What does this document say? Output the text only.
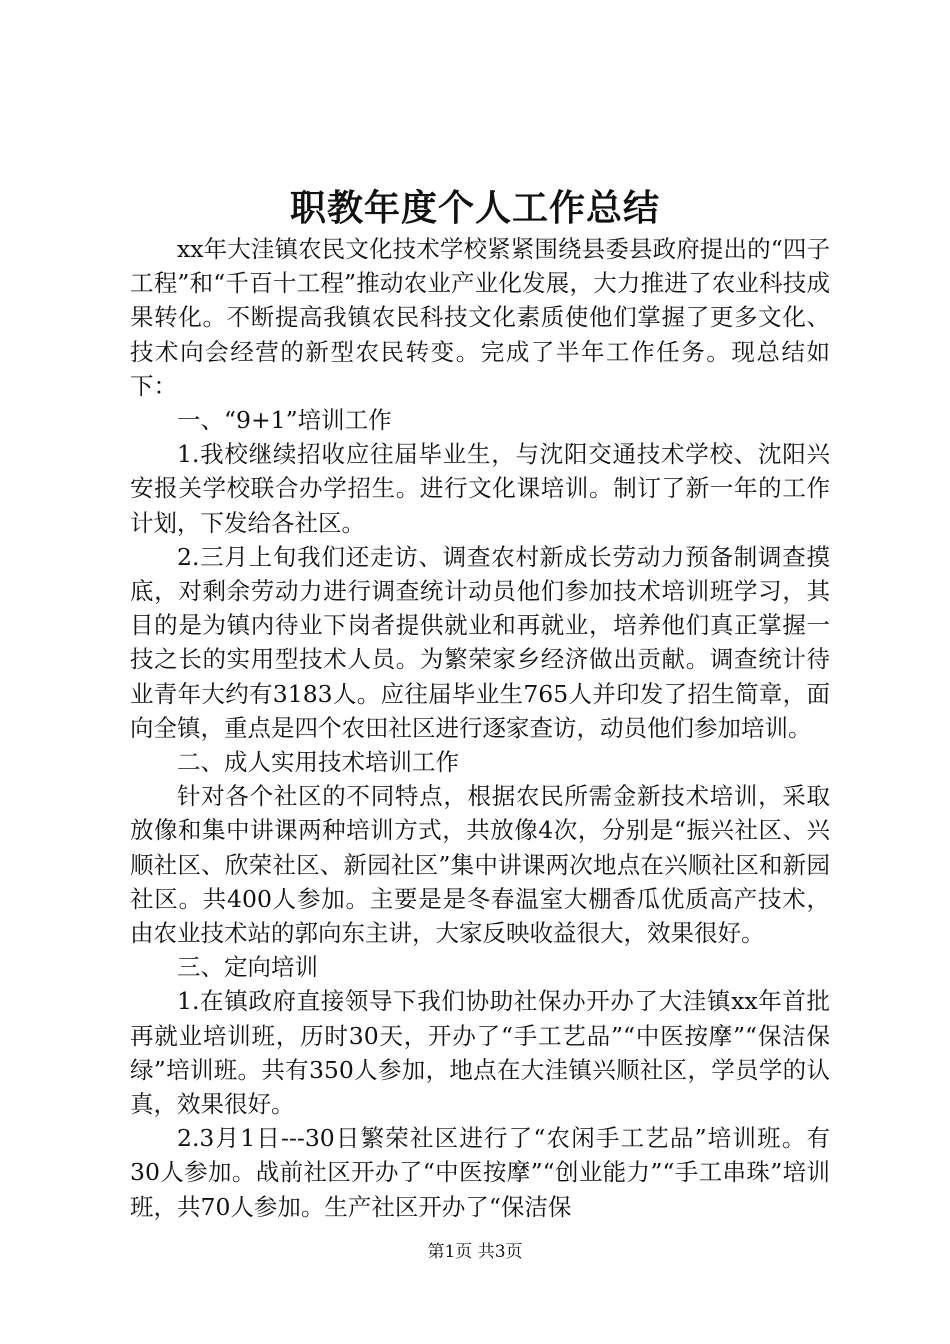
职教年度个人工作总结

xx年大洼镇农民文化技术学校紧紧围绕县委县政府提出的“四子工程”和“千百十工程”推动农业产业化发展，大力推进了农业科技成果转化。不断提高我镇农民科技文化素质使他们掌握了更多文化、技术向会经营的新型农民转变。完成了半年工作任务。现总结如下：

一、“9+1”培训工作

1.我校继续招收应往届毕业生，与沈阳交通技术学校、沈阳兴安报关学校联合办学招生。进行文化课培训。制订了新一年的工作计划，下发给各社区。

2.三月上旬我们还走访、调查农村新成长劳动力预备制调查摸底，对剩余劳动力进行调查统计动员他们参加技术培训班学习，其目的是为镇内待业下岗者提供就业和再就业，培养他们真正掌握一技之长的实用型技术人员。为繁荣家乡经济做出贡献。调查统计待业青年大约有3183人。应往届毕业生765人并印发了招生简章，面向全镇，重点是四个农田社区进行逐家查访，动员他们参加培训。

二、成人实用技术培训工作

针对各个社区的不同特点，根据农民所需金新技术培训，采取放像和集中讲课两种培训方式，共放像4次，分别是“振兴社区、兴顺社区、欣荣社区、新园社区”集中讲课两次地点在兴顺社区和新园社区。共400人参加。主要是是冬春温室大棚香瓜优质高产技术，由农业技术站的郭向东主讲，大家反映收益很大，效果很好。

三、定向培训

1.在镇政府直接领导下我们协助社保办开办了大洼镇xx年首批再就业培训班，历时30天，开办了“手工艺品”“中医按摩”“保洁保绿”培训班。共有350人参加，地点在大洼镇兴顺社区，学员学的认真，效果很好。

2.3月1日---30日繁荣社区进行了“农闲手工艺品”培训班。有30人参加。战前社区开办了“中医按摩”“创业能力”“手工串珠”培训班，共70人参加。生产社区开办了“保洁保

第1页 共3页
